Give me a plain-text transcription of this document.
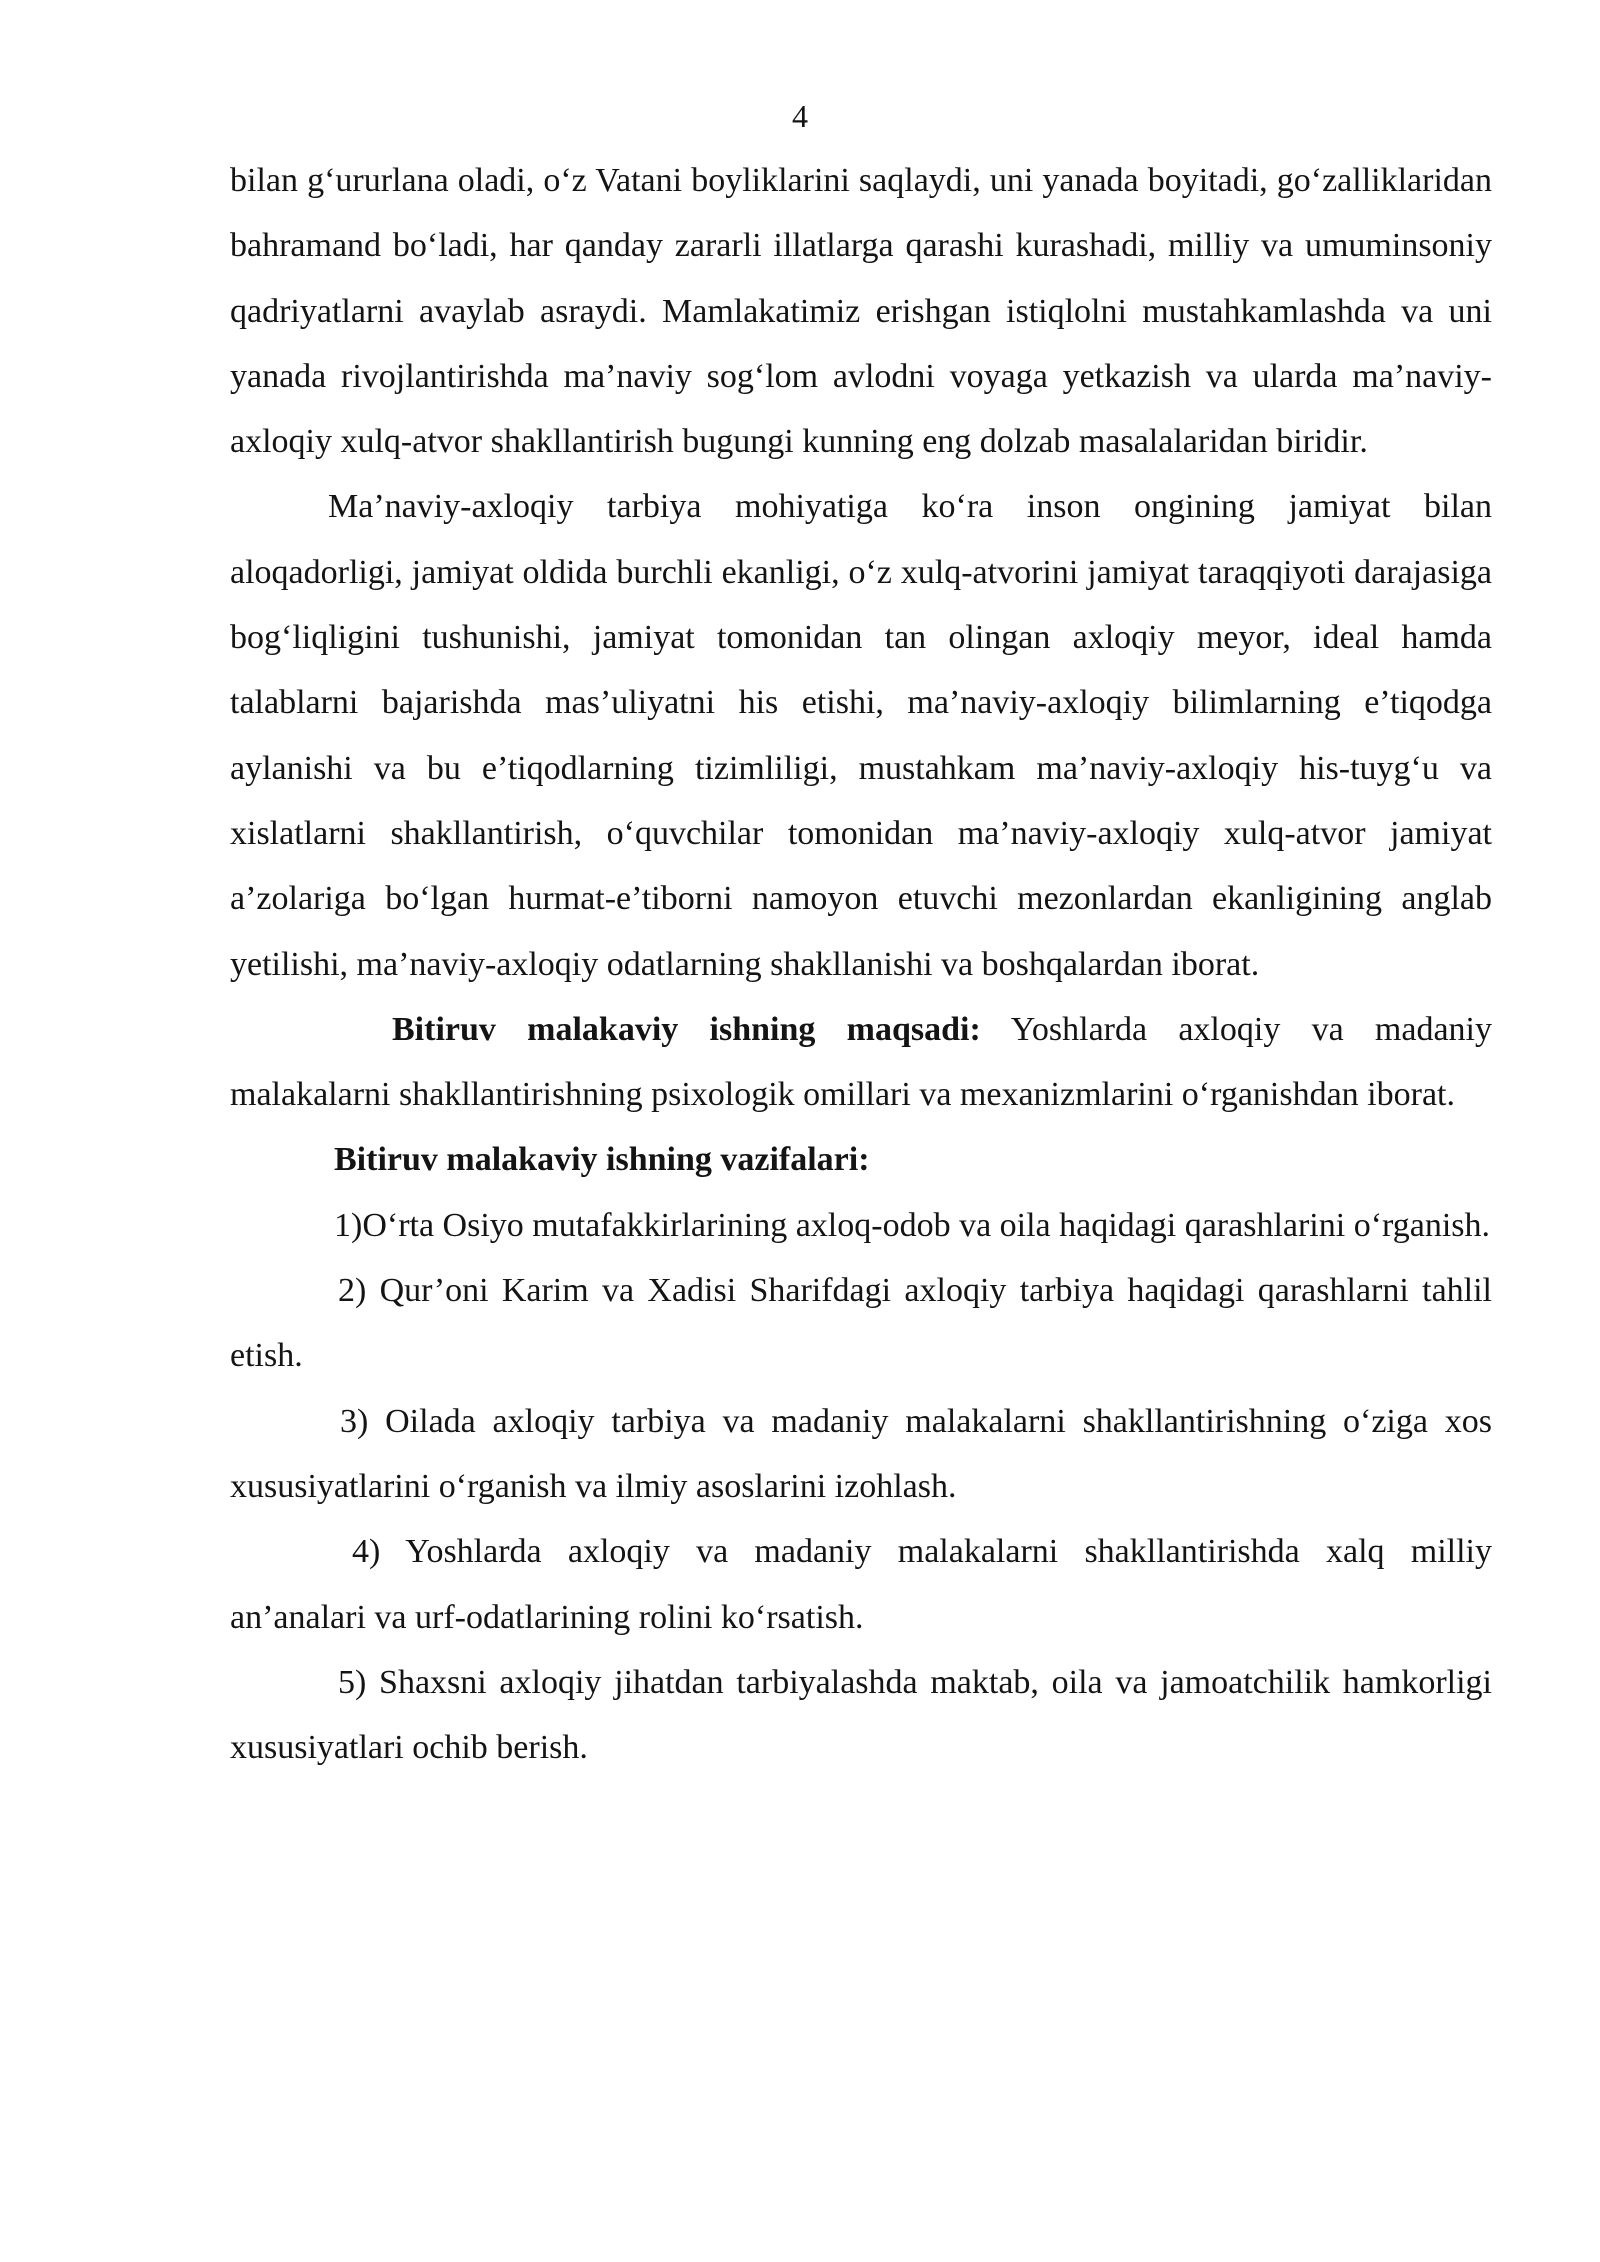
4

bilan g‘ururlana oladi, o‘z Vatani boyliklarini saqlaydi, uni yanada boyitadi, go‘zalliklaridan bahramand bo‘ladi, har qanday zararli illatlarga qarashi kurashadi, milliy va umuminsoniy qadriyatlarni avaylab asraydi. Mamlakatimiz erishgan istiqlolni mustahkamlashda va uni yanada rivojlantirishda ma’naviy sog‘lom avlodni voyaga yetkazish va ularda ma’naviy-axloqiy xulq-atvor shakllantirish bugungi kunning eng dolzab masalalaridan biridir.

Ma’naviy-axloqiy tarbiya mohiyatiga ko‘ra inson ongining jamiyat bilan aloqadorligi, jamiyat oldida burchli ekanligi, o‘z xulq-atvorini jamiyat taraqqiyoti darajasiga bog‘liqligini tushunishi, jamiyat tomonidan tan olingan axloqiy meyor, ideal hamda talablarni bajarishda mas’uliyatni his etishi, ma’naviy-axloqiy bilimlarning e’tiqodga aylanishi va bu e’tiqodlarning tizimliligi, mustahkam ma’naviy-axloqiy his-tuyg‘u va xislatlarni shakllantirish, o‘quvchilar tomonidan ma’naviy-axloqiy xulq-atvor jamiyat a’zolariga bo‘lgan hurmat-e’tiborni namoyon etuvchi mezonlardan ekanligining anglab yetilishi, ma’naviy-axloqiy odatlarning shakllanishi va boshqalardan iborat.

Bitiruv malakaviy ishning maqsadi: Yoshlarda axloqiy va madaniy malakalarni shakllantirishning psixologik omillari va mexanizmlarini o‘rganishdan iborat.

Bitiruv malakaviy ishning vazifalari:

1)O‘rta Osiyo mutafakkirlarining axloq-odob va oila haqidagi qarashlarini o‘rganish.

2) Qur’oni Karim va Xadisi Sharifdagi axloqiy tarbiya haqidagi qarashlarni tahlil etish.

3) Oilada axloqiy tarbiya va madaniy malakalarni shakllantirishning o‘ziga xos xususiyatlarini o‘rganish va ilmiy asoslarini izohlash.

4) Yoshlarda axloqiy va madaniy malakalarni shakllantirishda xalq milliy an’analari va urf-odatlarining rolini ko‘rsatish.

5) Shaxsni axloqiy jihatdan tarbiyalashda maktab, oila va jamoatchilik hamkorligi xususiyatlari ochib berish.
